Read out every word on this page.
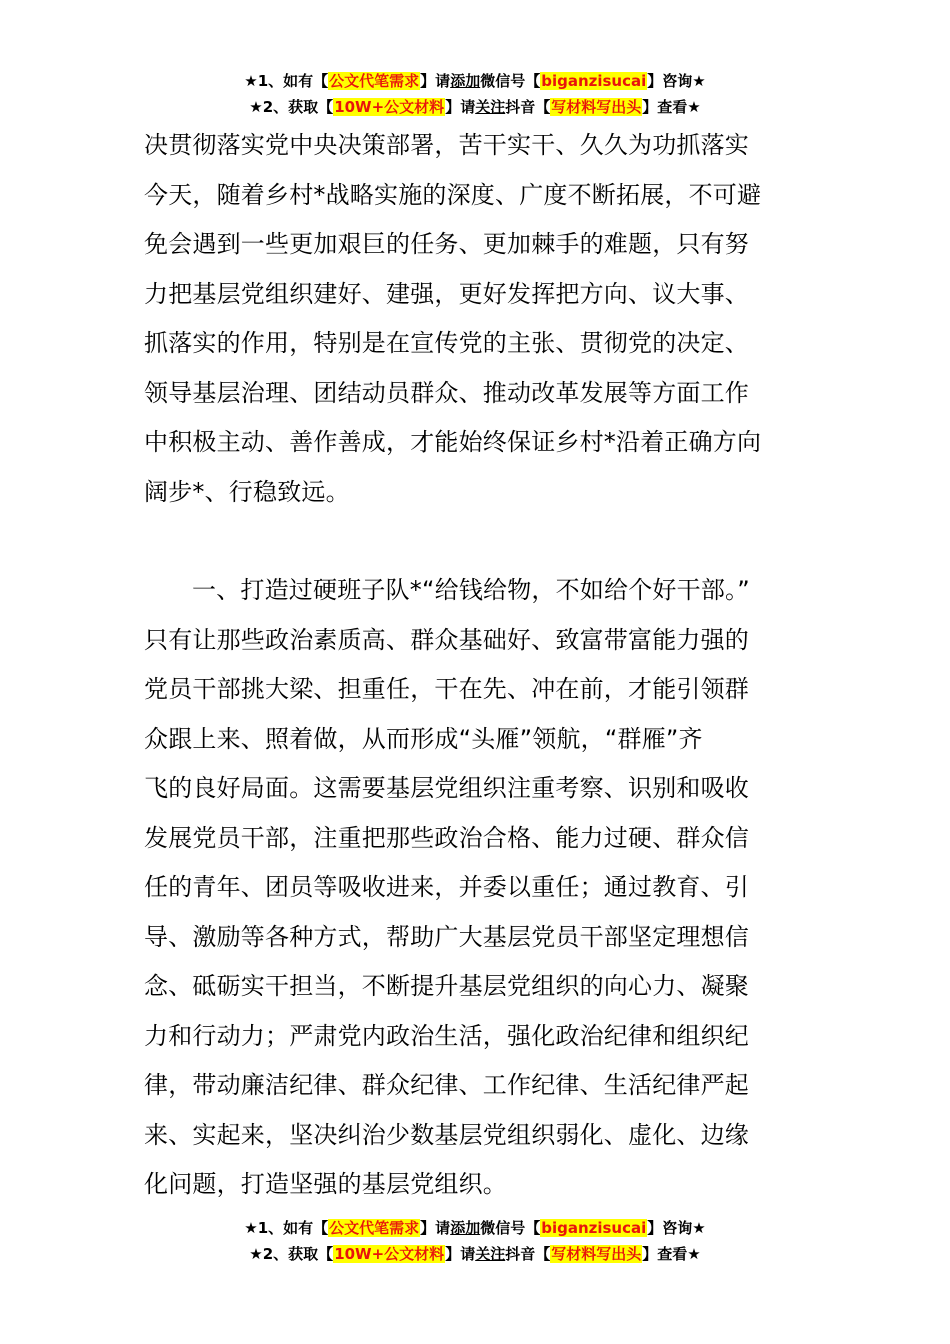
★1、如有【公文代笔需求】请添加微信号【biganzisucai】咨询★
★2、获取【10W+公文材料】请关注抖音【写材料写出头】查看★
决贯彻落实党中央决策部署，苦干实干、久久为功抓落实
今天，随着乡村*战略实施的深度、广度不断拓展，不可避
免会遇到一些更加艰巨的任务、更加棘手的难题，只有努
力把基层党组织建好、建强，更好发挥把方向、议大事、
抓落实的作用，特别是在宣传党的主张、贯彻党的决定、
领导基层治理、团结动员群众、推动改革发展等方面工作
中积极主动、善作善成，才能始终保证乡村*沿着正确方向
阔步*、行稳致远。
一、打造过硬班子队*“给钱给物，不如给个好干部。”
只有让那些政治素质高、群众基础好、致富带富能力强的
党员干部挑大梁、担重任，干在先、冲在前，才能引领群
众跟上来、照着做，从而形成“头雁”领航，“群雁”齐
飞的良好局面。这需要基层党组织注重考察、识别和吸收
发展党员干部，注重把那些政治合格、能力过硬、群众信
任的青年、团员等吸收进来，并委以重任；通过教育、引
导、激励等各种方式，帮助广大基层党员干部坚定理想信
念、砥砺实干担当，不断提升基层党组织的向心力、凝聚
力和行动力；严肃党内政治生活，强化政治纪律和组织纪
律，带动廉洁纪律、群众纪律、工作纪律、生活纪律严起
来、实起来，坚决纠治少数基层党组织弱化、虚化、边缘
化问题，打造坚强的基层党组织。
★1、如有【公文代笔需求】请添加微信号【biganzisucai】咨询★
★2、获取【10W+公文材料】请关注抖音【写材料写出头】查看★
